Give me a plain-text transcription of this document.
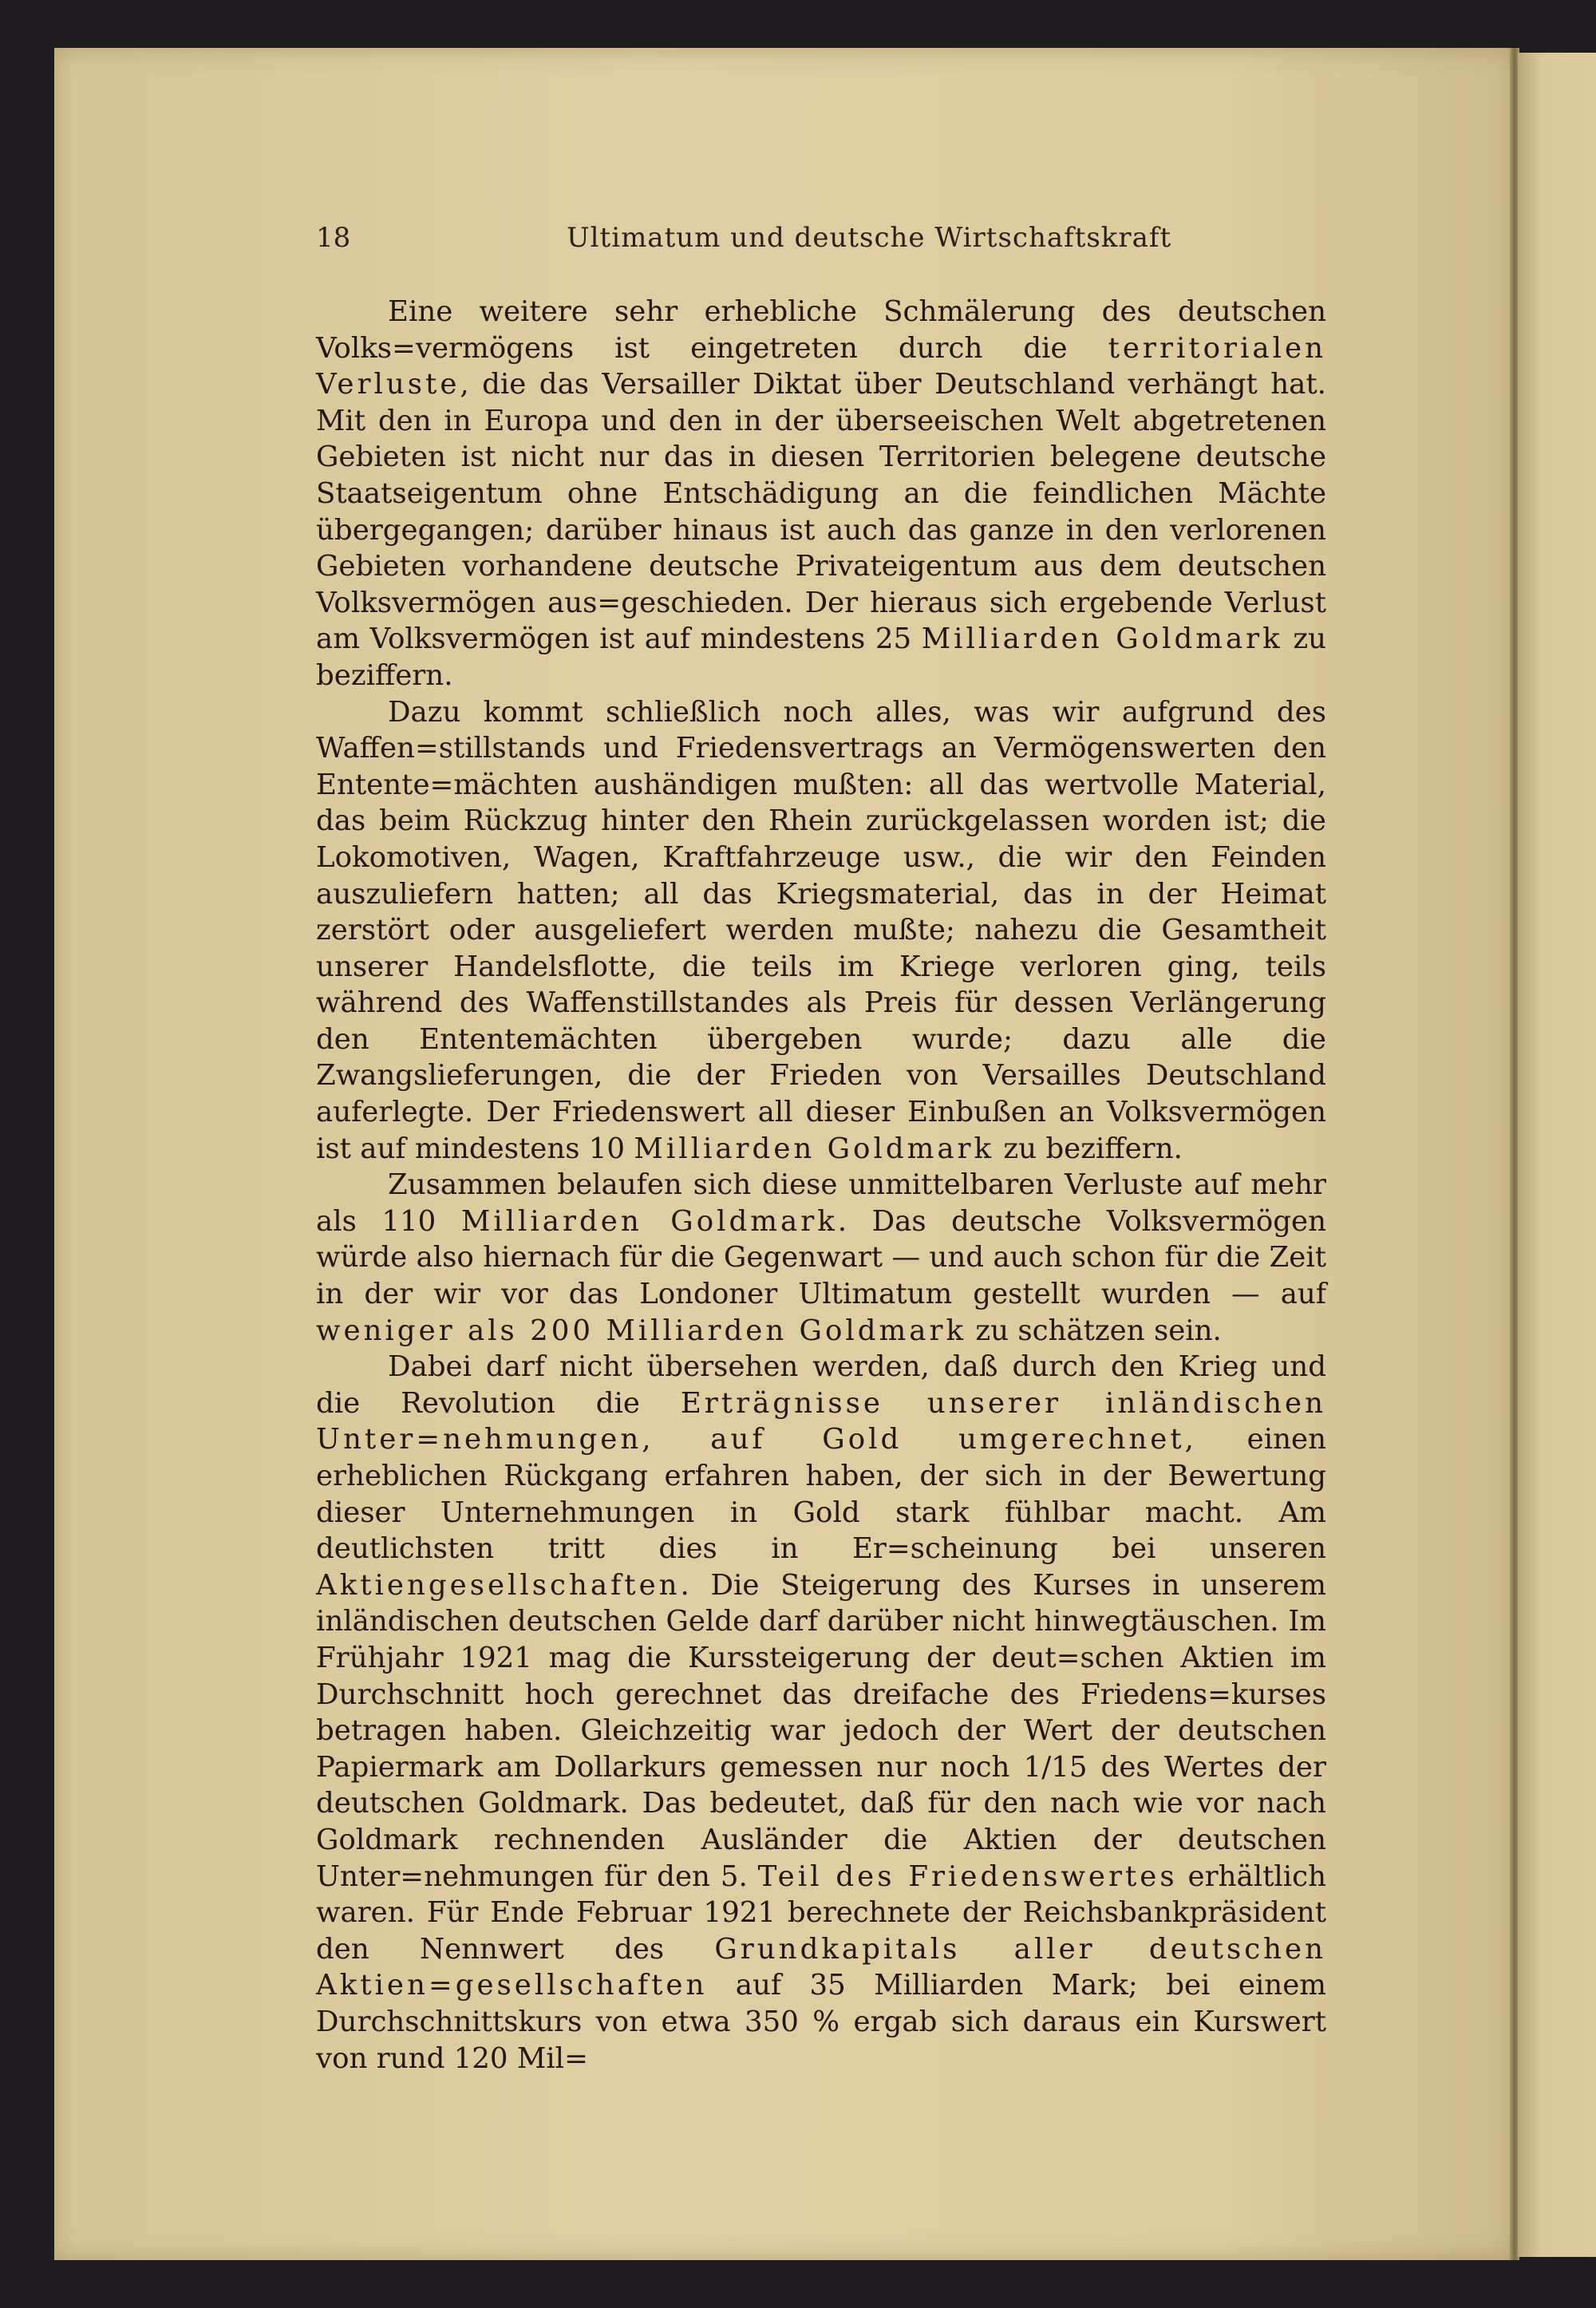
18	Ultimatum und deutsche Wirtschaftskraft

Eine weitere sehr erhebliche Schmälerung des deutschen Volks=vermögens ist eingetreten durch die territorialen Verluste, die das Versailler Diktat über Deutschland verhängt hat. Mit den in Europa und den in der überseeischen Welt abgetretenen Gebieten ist nicht nur das in diesen Territorien belegene deutsche Staatseigentum ohne Entschädigung an die feindlichen Mächte übergegangen; darüber hinaus ist auch das ganze in den verlorenen Gebieten vorhandene deutsche Privateigentum aus dem deutschen Volksvermögen aus=geschieden. Der hieraus sich ergebende Verlust am Volksvermögen ist auf mindestens 25 Milliarden Goldmark zu beziffern.

Dazu kommt schließlich noch alles, was wir aufgrund des Waffen=stillstands und Friedensvertrags an Vermögenswerten den Entente=mächten aushändigen mußten: all das wertvolle Material, das beim Rückzug hinter den Rhein zurückgelassen worden ist; die Lokomotiven, Wagen, Kraftfahrzeuge usw., die wir den Feinden auszuliefern hatten; all das Kriegsmaterial, das in der Heimat zerstört oder ausgeliefert werden mußte; nahezu die Gesamtheit unserer Handelsflotte, die teils im Kriege verloren ging, teils während des Waffenstillstandes als Preis für dessen Verlängerung den Ententemächten übergeben wurde; dazu alle die Zwangslieferungen, die der Frieden von Versailles Deutschland auferlegte. Der Friedenswert all dieser Einbußen an Volksvermögen ist auf mindestens 10 Milliarden Goldmark zu beziffern.

Zusammen belaufen sich diese unmittelbaren Verluste auf mehr als 110 Milliarden Goldmark. Das deutsche Volksvermögen würde also hiernach für die Gegenwart — und auch schon für die Zeit in der wir vor das Londoner Ultimatum gestellt wurden — auf weniger als 200 Milliarden Goldmark zu schätzen sein.

Dabei darf nicht übersehen werden, daß durch den Krieg und die Revolution die Erträgnisse unserer inländischen Unter=nehmungen, auf Gold umgerechnet, einen erheblichen Rückgang erfahren haben, der sich in der Bewertung dieser Unternehmungen in Gold stark fühlbar macht. Am deutlichsten tritt dies in Er=scheinung bei unseren Aktiengesellschaften. Die Steigerung des Kurses in unserem inländischen deutschen Gelde darf darüber nicht hinwegtäuschen. Im Frühjahr 1921 mag die Kurssteigerung der deut=schen Aktien im Durchschnitt hoch gerechnet das dreifache des Friedens=kurses betragen haben. Gleichzeitig war jedoch der Wert der deutschen Papiermark am Dollarkurs gemessen nur noch 1/15 des Wertes der deutschen Goldmark. Das bedeutet, daß für den nach wie vor nach Goldmark rechnenden Ausländer die Aktien der deutschen Unter=nehmungen für den 5. Teil des Friedenswertes erhältlich waren. Für Ende Februar 1921 berechnete der Reichsbankpräsident den Nennwert des Grundkapitals aller deutschen Aktien=gesellschaften auf 35 Milliarden Mark; bei einem Durchschnittskurs von etwa 350 % ergab sich daraus ein Kurswert von rund 120 Mil=
